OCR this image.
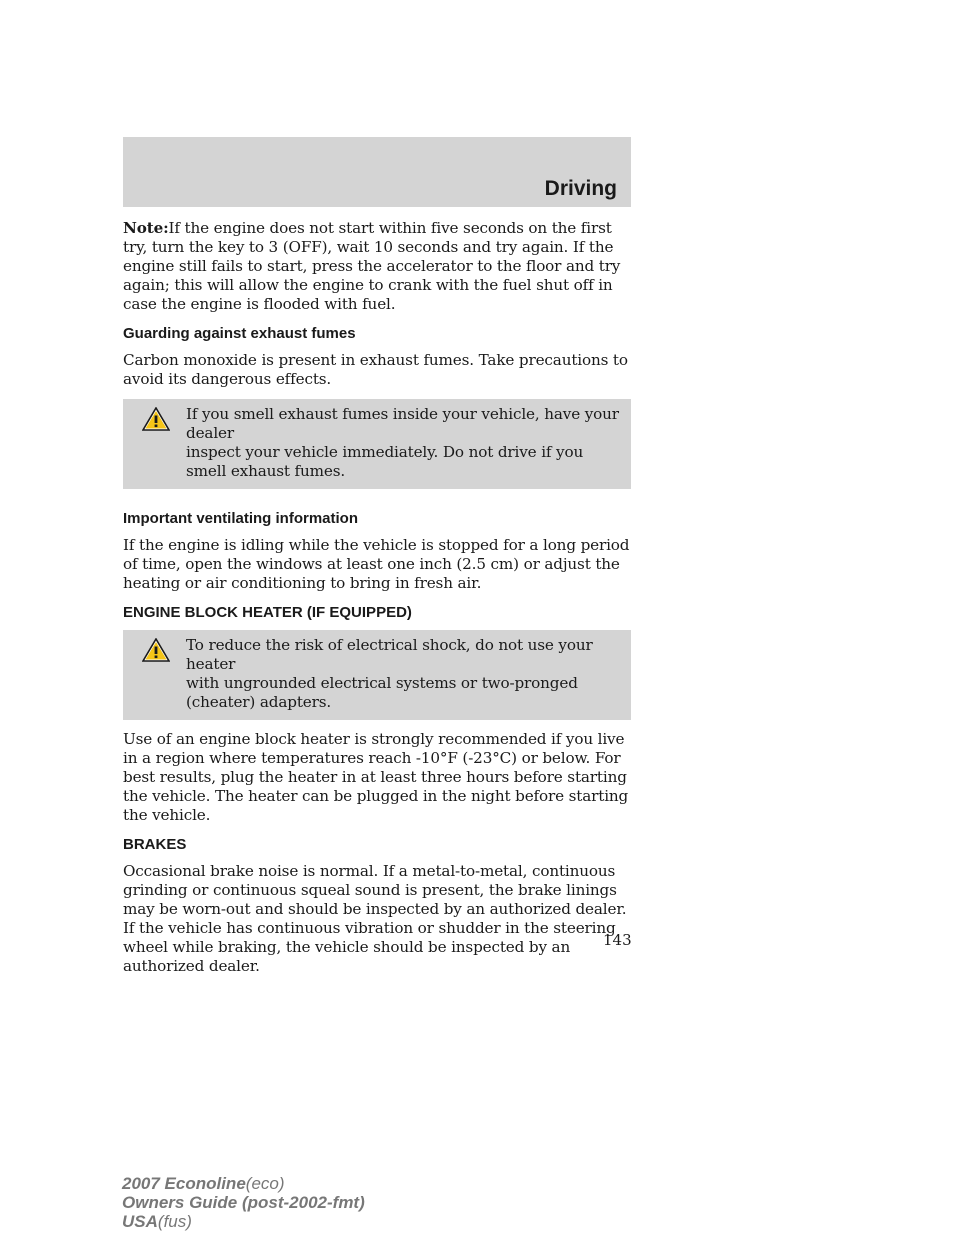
Driving

Note:If the engine does not start within five seconds on the first try, turn the key to 3 (OFF), wait 10 seconds and try again. If the engine still fails to start, press the accelerator to the floor and try again; this will allow the engine to crank with the fuel shut off in case the engine is flooded with fuel.

Guarding against exhaust fumes

Carbon monoxide is present in exhaust fumes. Take precautions to avoid its dangerous effects.

If you smell exhaust fumes inside your vehicle, have your dealer
inspect your vehicle immediately. Do not drive if you smell exhaust fumes.
Important ventilating information

If the engine is idling while the vehicle is stopped for a long period of time, open the windows at least one inch (2.5 cm) or adjust the heating or air conditioning to bring in fresh air.

ENGINE BLOCK HEATER (IF EQUIPPED)
To reduce the risk of electrical shock, do not use your heater
with ungrounded electrical systems or two-pronged (cheater) adapters.

Use of an engine block heater is strongly recommended if you live in a region where temperatures reach -10°F (-23°C) or below. For best results, plug the heater in at least three hours before starting the vehicle. The heater can be plugged in the night before starting the vehicle.

BRAKES

Occasional brake noise is normal. If a metal-to-metal, continuous grinding or continuous squeal sound is present, the brake linings may be worn-out and should be inspected by an authorized dealer. If the vehicle has continuous vibration or shudder in the steering wheel while braking, the vehicle should be inspected by an authorized dealer.

143
2007 Econoline(eco)
Owners Guide (post-2002-fmt)
USA(fus)
